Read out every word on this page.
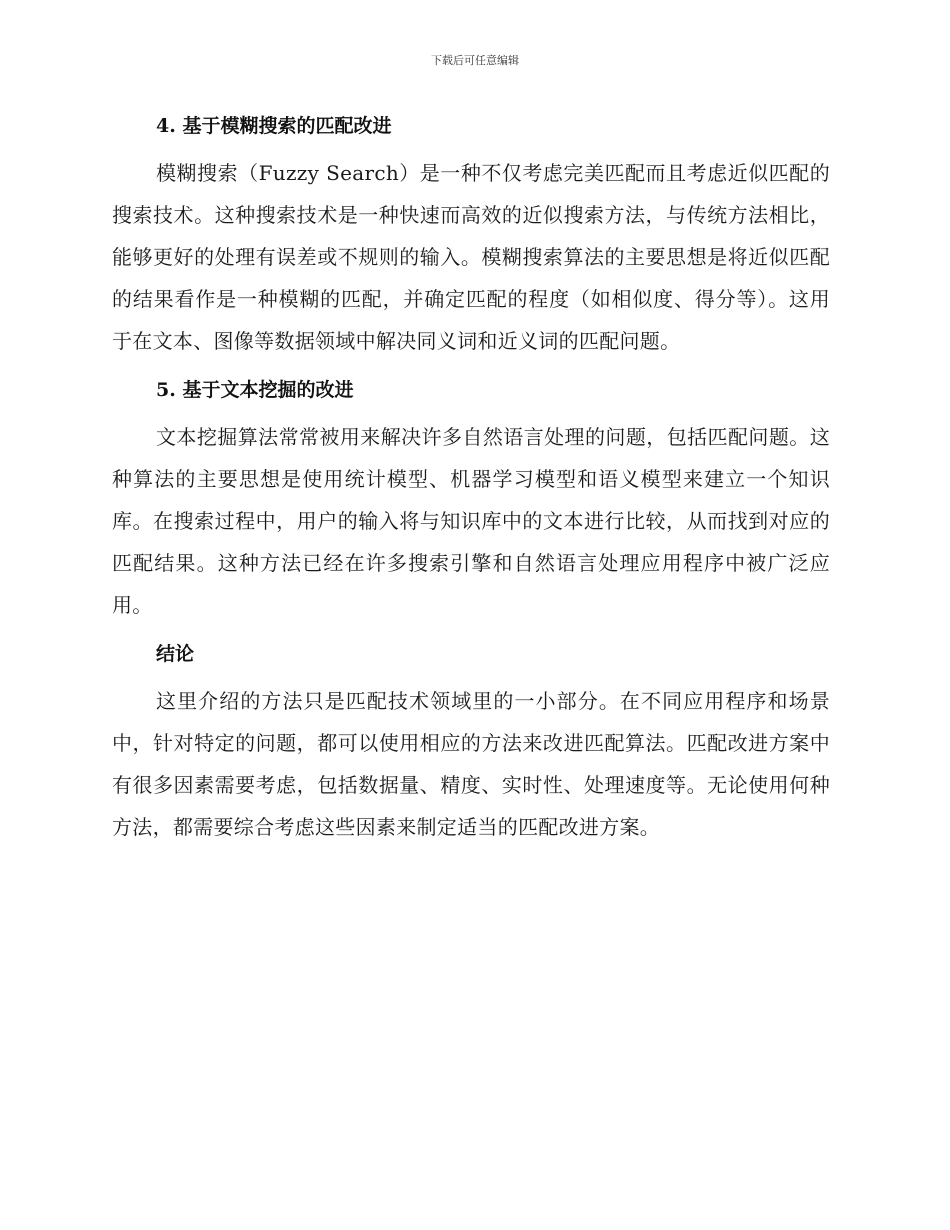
下载后可任意编辑
4. 基于模糊搜索的匹配改进

模糊搜索（Fuzzy Search）是一种不仅考虑完美匹配而且考虑近似匹配的搜索技术。这种搜索技术是一种快速而高效的近似搜索方法，与传统方法相比，能够更好的处理有误差或不规则的输入。模糊搜索算法的主要思想是将近似匹配的结果看作是一种模糊的匹配，并确定匹配的程度（如相似度、得分等）。这用于在文本、图像等数据领域中解决同义词和近义词的匹配问题。

5. 基于文本挖掘的改进

文本挖掘算法常常被用来解决许多自然语言处理的问题，包括匹配问题。这种算法的主要思想是使用统计模型、机器学习模型和语义模型来建立一个知识库。在搜索过程中，用户的输入将与知识库中的文本进行比较，从而找到对应的匹配结果。这种方法已经在许多搜索引擎和自然语言处理应用程序中被广泛应用。

结论

这里介绍的方法只是匹配技术领域里的一小部分。在不同应用程序和场景中，针对特定的问题，都可以使用相应的方法来改进匹配算法。匹配改进方案中有很多因素需要考虑，包括数据量、精度、实时性、处理速度等。无论使用何种方法，都需要综合考虑这些因素来制定适当的匹配改进方案。
